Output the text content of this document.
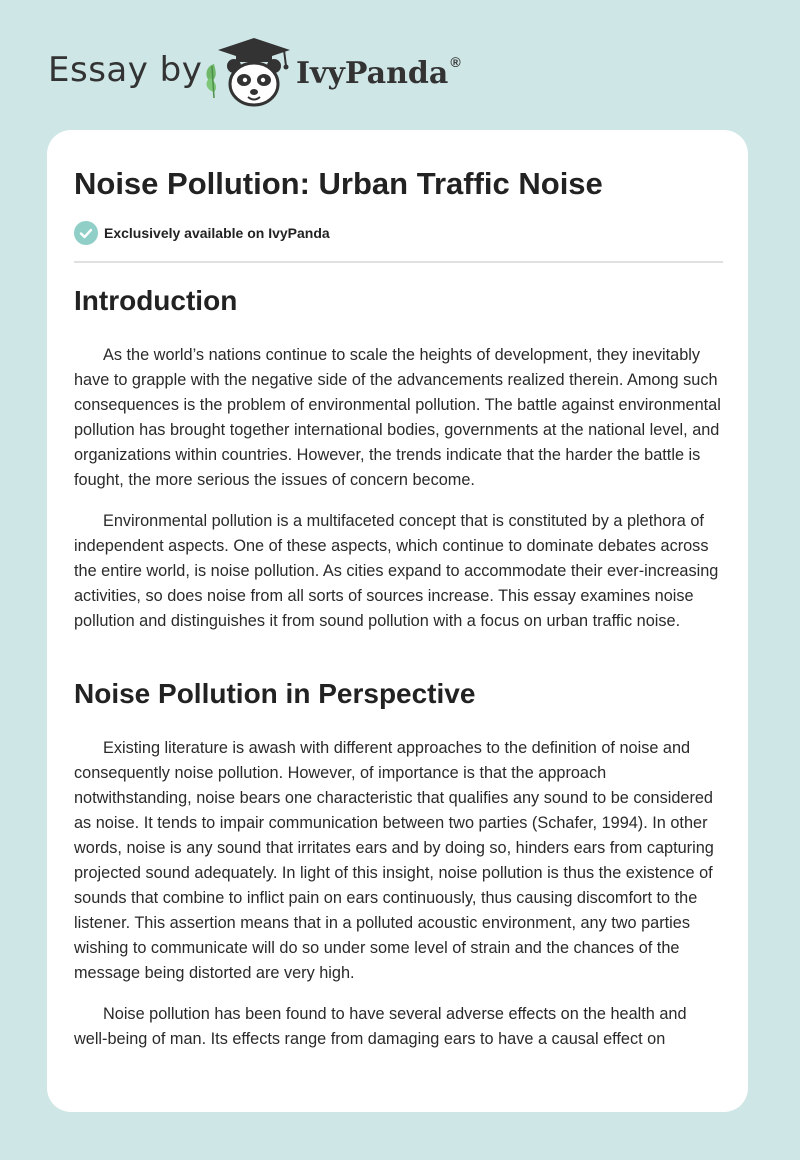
Essay by	IvyPanda ®
Noise Pollution: Urban Traffic Noise
Exclusively available on IvyPanda
Introduction

As the world’s nations continue to scale the heights of development, they inevitably have to grapple with the negative side of the advancements realized therein. Among such consequences is the problem of environmental pollution. The battle against environmental pollution has brought together international bodies, governments at the national level, and organizations within countries. However, the trends indicate that the harder the battle is fought, the more serious the issues of concern become.

Environmental pollution is a multifaceted concept that is constituted by a plethora of independent aspects. One of these aspects, which continue to dominate debates across the entire world, is noise pollution. As cities expand to accommodate their ever-increasing activities, so does noise from all sorts of sources increase. This essay examines noise pollution and distinguishes it from sound pollution with a focus on urban traffic noise.

Noise Pollution in Perspective

Existing literature is awash with different approaches to the definition of noise and consequently noise pollution. However, of importance is that the approach notwithstanding, noise bears one characteristic that qualifies any sound to be considered as noise. It tends to impair communication between two parties (Schafer, 1994). In other words, noise is any sound that irritates ears and by doing so, hinders ears from capturing projected sound adequately. In light of this insight, noise pollution is thus the existence of sounds that combine to inflict pain on ears continuously, thus causing discomfort to the listener. This assertion means that in a polluted acoustic environment, any two parties wishing to communicate will do so under some level of strain and the chances of the message being distorted are very high.

Noise pollution has been found to have several adverse effects on the health and well-being of man. Its effects range from damaging ears to have a causal effect on
